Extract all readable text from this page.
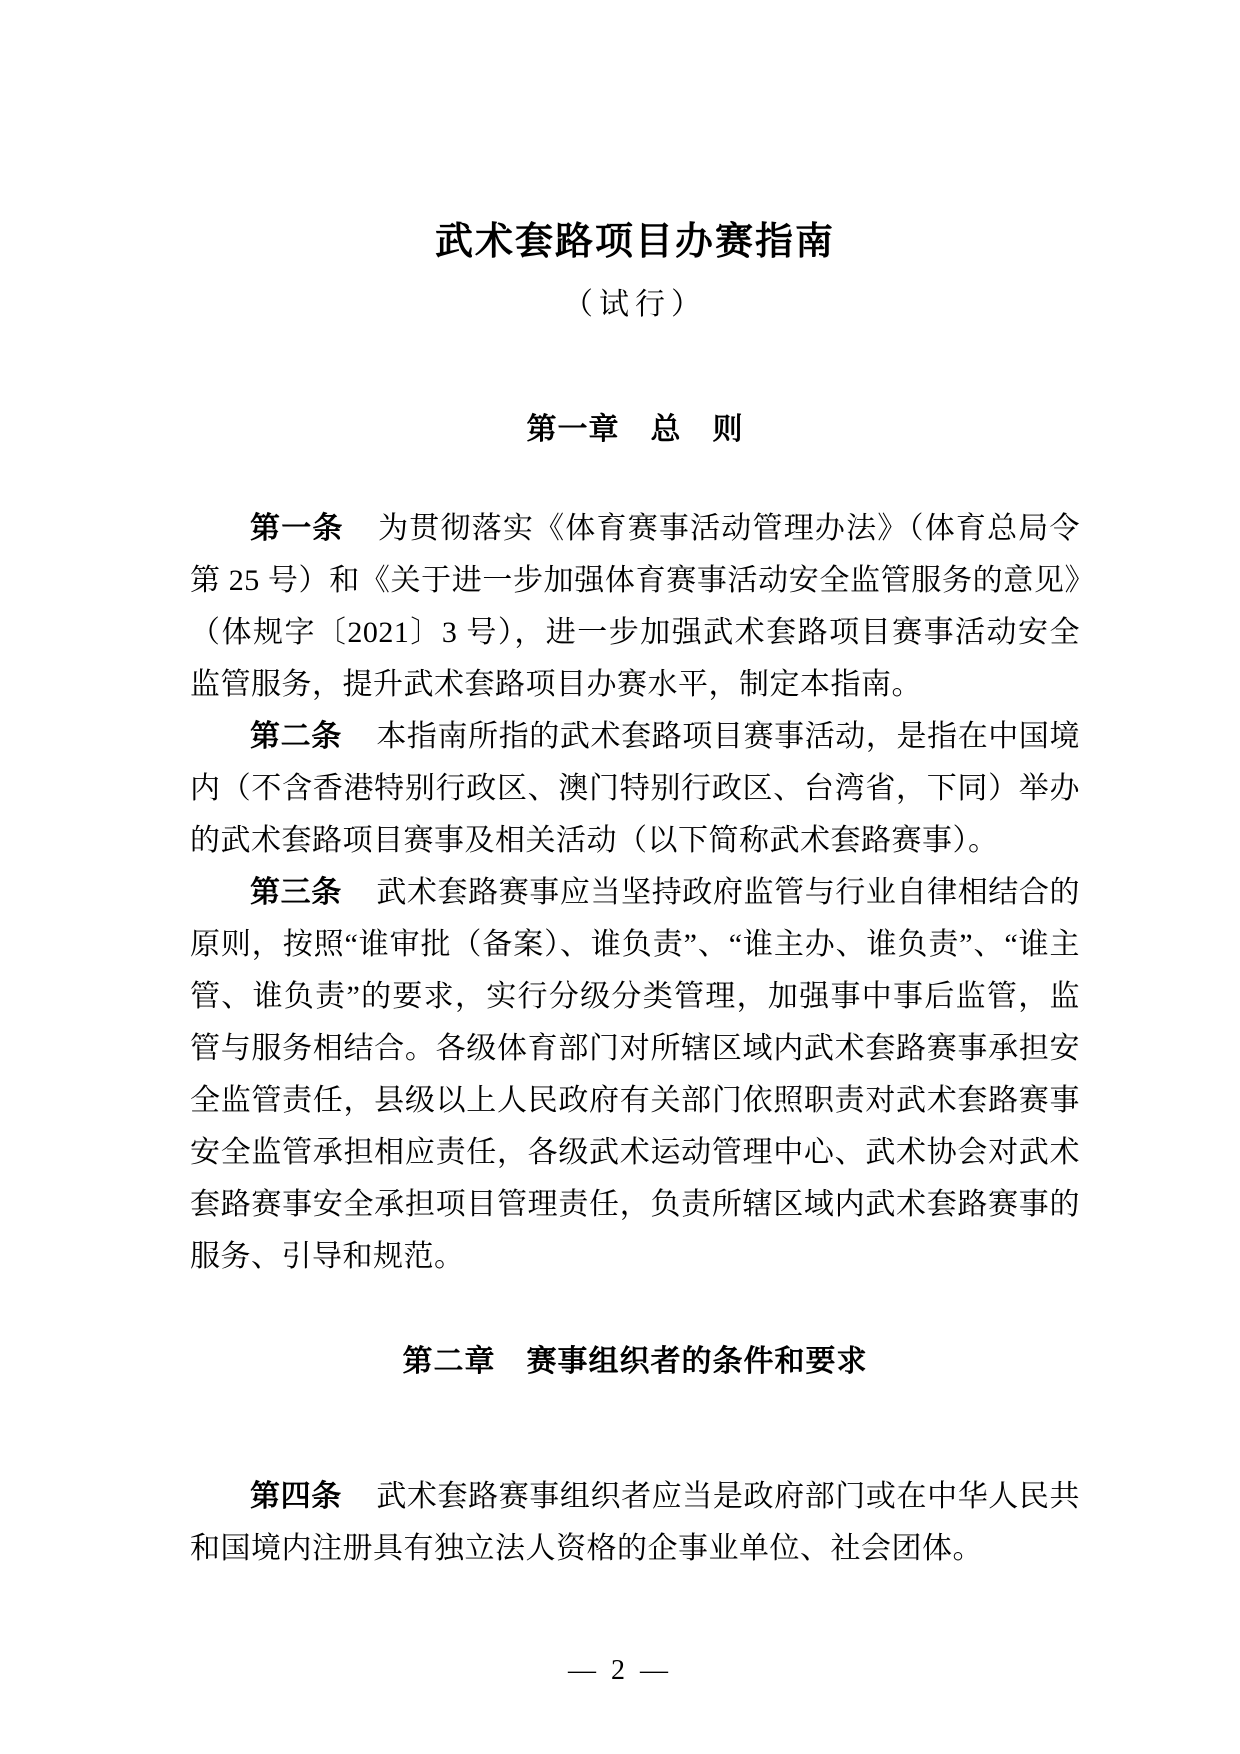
武术套路项目办赛指南
（试行）
第一章　总　则

第一条 为贯彻落实《体育赛事活动管理办法》（体育总局令第 25 号）和《关于进一步加强体育赛事活动安全监管服务的意见》（体规字〔2021〕3 号），进一步加强武术套路项目赛事活动安全监管服务，提升武术套路项目办赛水平，制定本指南。

第二条 本指南所指的武术套路项目赛事活动，是指在中国境内（不含香港特别行政区、澳门特别行政区、台湾省，下同）举办的武术套路项目赛事及相关活动（以下简称武术套路赛事）。

第三条 武术套路赛事应当坚持政府监管与行业自律相结合的原则，按照“谁审批（备案）、谁负责”、“谁主办、谁负责”、“谁主管、谁负责”的要求，实行分级分类管理，加强事中事后监管，监管与服务相结合。各级体育部门对所辖区域内武术套路赛事承担安全监管责任，县级以上人民政府有关部门依照职责对武术套路赛事安全监管承担相应责任，各级武术运动管理中心、武术协会对武术套路赛事安全承担项目管理责任，负责所辖区域内武术套路赛事的服务、引导和规范。

第二章　赛事组织者的条件和要求

第四条 武术套路赛事组织者应当是政府部门或在中华人民共和国境内注册具有独立法人资格的企事业单位、社会团体。

— 2 —
